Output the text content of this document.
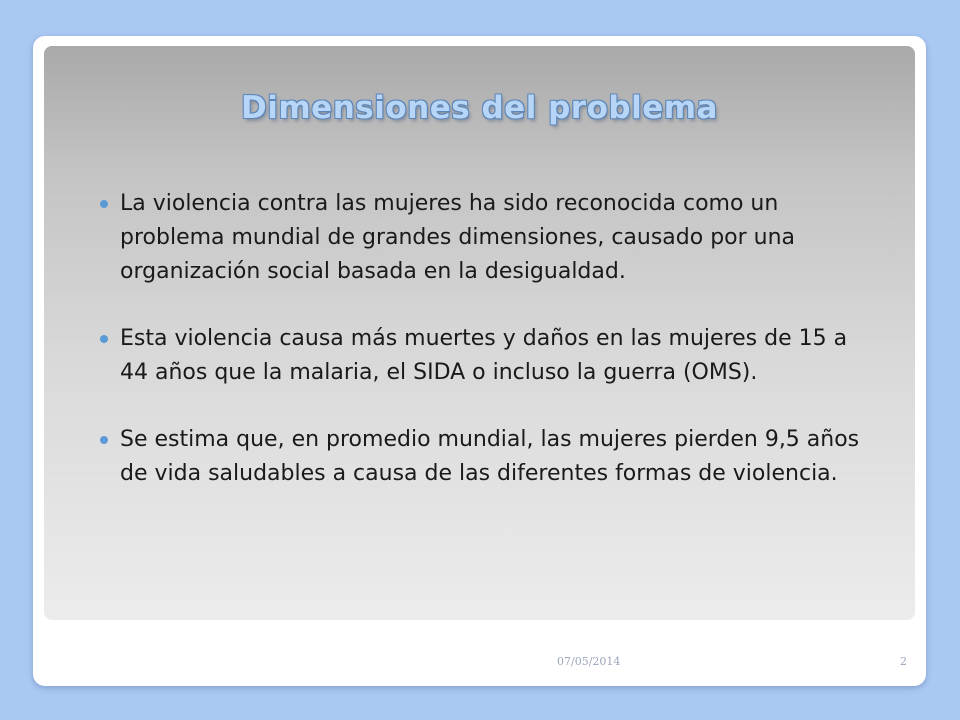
Dimensiones del problema
La violencia contra las mujeres ha sido reconocida como un problema mundial de grandes dimensiones, causado por una organización social basada en la desigualdad.
Esta violencia causa más muertes y daños en las mujeres de 15 a 44 años que la malaria, el SIDA o incluso la guerra (OMS).
Se estima que, en promedio mundial, las mujeres pierden 9,5 años de vida saludables a causa de las diferentes formas de violencia.
07/05/2014	2
